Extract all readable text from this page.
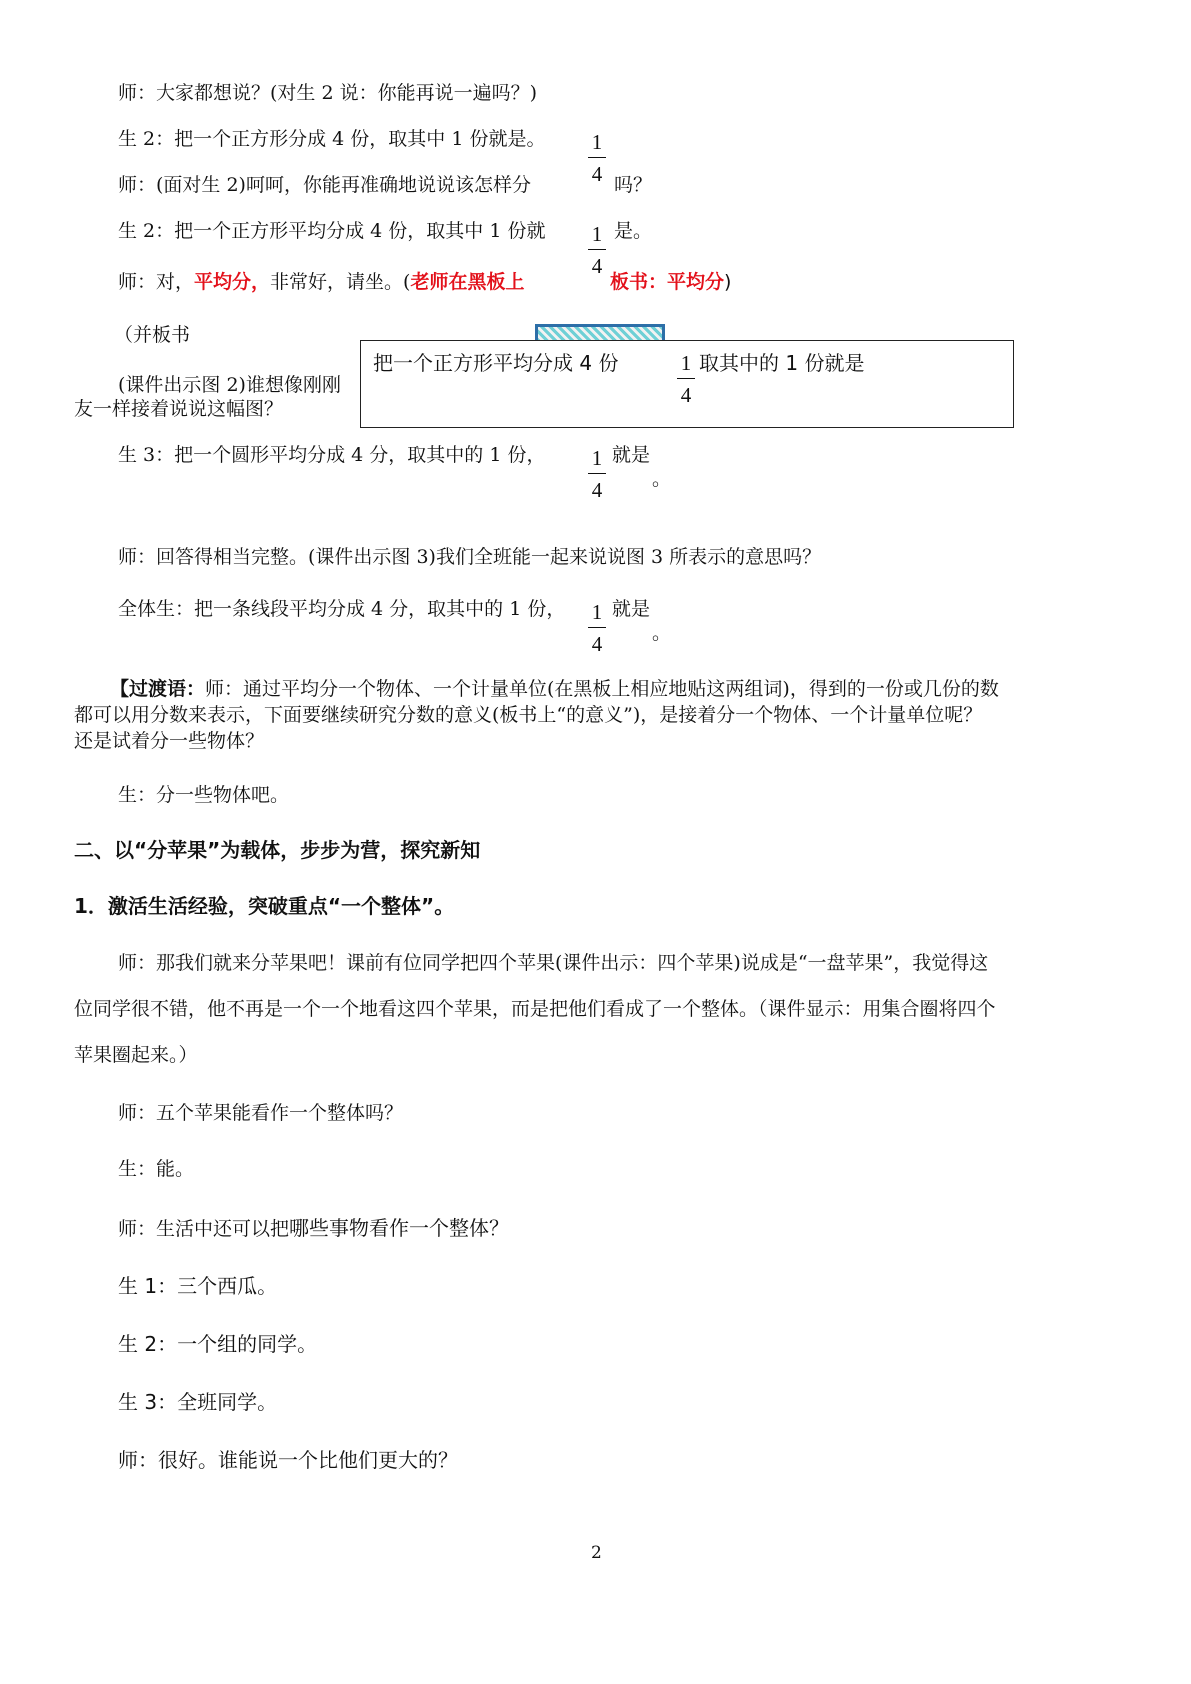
师：大家都想说？(对生 2 说：你能再说一遍吗？)
生 2：把一个正方形分成 4 份，取其中 1 份就是。 1
4
师：(面对生 2)呵呵，你能再准确地说说该怎样分	吗？
生 2：把一个正方形平均分成 4 份，取其中 1 份就	是。
1
4
师：对，平均分，非常好，请坐。(老师在黑板上	板书：平均分)
（并板书
(课件出示图 2)谁想像刚刚
友一样接着说说这幅图？
把一个正方形平均分成 4 份	1
4
取其中的 1 份就是
生 3：把一个圆形平均分成 4 分，取其中的 1 份， 1
4
就是
。
师：回答得相当完整。(课件出示图 3)我们全班能一起来说说图 3 所表示的意思吗？
全体生：把一条线段平均分成 4 分，取其中的 1 份， 1
4
就是
。
【过渡语：师：通过平均分一个物体、一个计量单位(在黑板上相应地贴这两组词)，得到的一份或几份的数
都可以用分数来表示，下面要继续研究分数的意义(板书上“的意义”)，是接着分一个物体、一个计量单位呢？
还是试着分一些物体？
生：分一些物体吧。
二、以“分苹果”为载体，步步为营，探究新知
1．激活生活经验，突破重点“一个整体”。
师：那我们就来分苹果吧！课前有位同学把四个苹果(课件出示：四个苹果)说成是“一盘苹果”，我觉得这
位同学很不错，他不再是一个一个地看这四个苹果，而是把他们看成了一个整体。（课件显示：用集合圈将四个
苹果圈起来。）
师：五个苹果能看作一个整体吗？
生：能。
师：生活中还可以把哪些事物看作一个整体？
生 1：三个西瓜。
生 2：一个组的同学。
生 3：全班同学。
师：很好。谁能说一个比他们更大的？
2
